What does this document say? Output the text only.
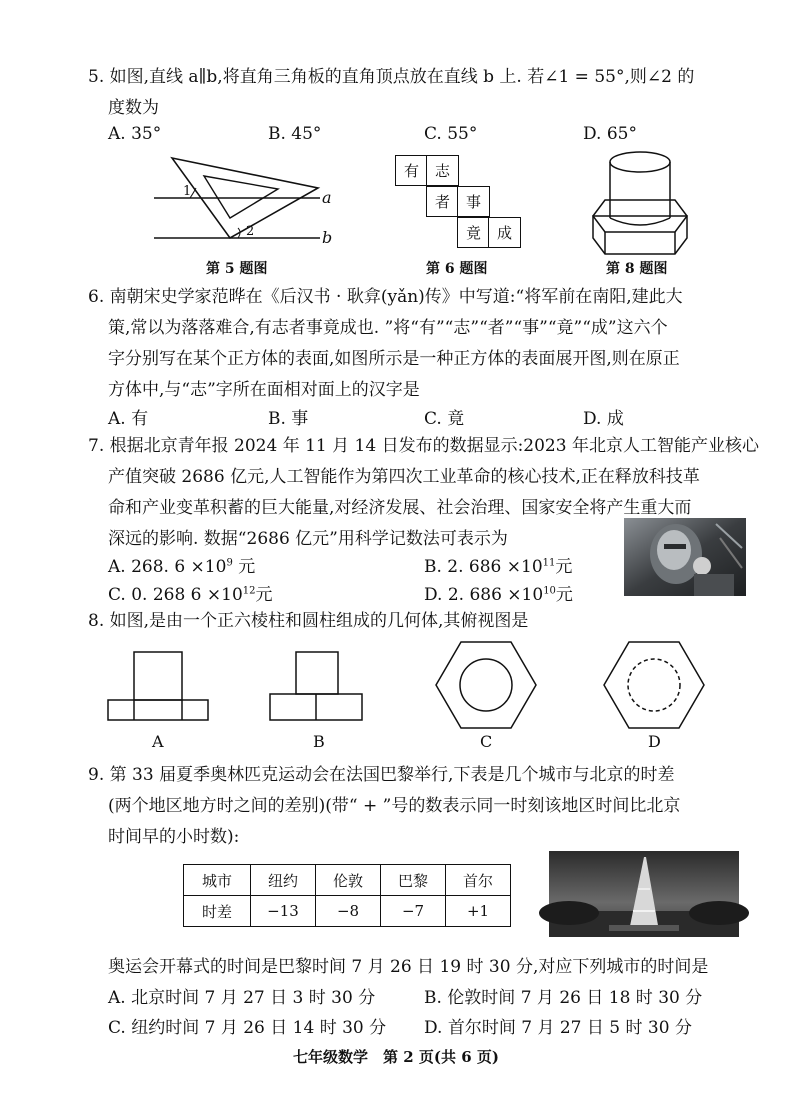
5. 如图,直线 a∥b,将直角三角板的直角顶点放在直线 b 上. 若∠1 = 55°,则∠2 的
度数为
A. 35°	B. 45°	C. 55°	D. 65°
1
2
a
b
第 5 题图
有	志
者	事
竟	成
第 6 题图	第 8 题图
6. 南朝宋史学家范晔在《后汉书 · 耿弇(yǎn)传》中写道:“将军前在南阳,建此大
策,常以为落落难合,有志者事竟成也. ”将“有”“志”“者”“事”“竟”“成”这六个
字分别写在某个正方体的表面,如图所示是一种正方体的表面展开图,则在原正
方体中,与“志”字所在面相对面上的汉字是
A. 有	B. 事	C. 竟	D. 成
7. 根据北京青年报 2024 年 11 月 14 日发布的数据显示:2023 年北京人工智能产业核心
产值突破 2686 亿元,人工智能作为第四次工业革命的核心技术,正在释放科技革
命和产业变革积蓄的巨大能量,对经济发展、社会治理、国家安全将产生重大而
深远的影响. 数据“2686 亿元”用科学记数法可表示为
A. 268. $6 \times 10^9$ 元	B. 2. $686 \times 10^{11}$元
C. 0. 268 $6 \times 10^{12}$元	D. 2. $686 \times 10^{10}$元
8. 如图,是由一个正六棱柱和圆柱组成的几何体,其俯视图是
A	B	C	D
9. 第 33 届夏季奥林匹克运动会在法国巴黎举行,下表是几个城市与北京的时差
(两个地区地方时之间的差别)(带“ + ”号的数表示同一时刻该地区时间比北京
时间早的小时数):
城市	纽约	伦敦	巴黎	首尔
时差	−13	−8	−7	+1
奥运会开幕式的时间是巴黎时间 7 月 26 日 19 时 30 分,对应下列城市的时间是
A. 北京时间 7 月 27 日 3 时 30 分	B. 伦敦时间 7 月 26 日 18 时 30 分
C. 纽约时间 7 月 26 日 14 时 30 分 D. 首尔时间 7 月 27 日 5 时 30 分
七年级数学　第 2 页(共 6 页)
